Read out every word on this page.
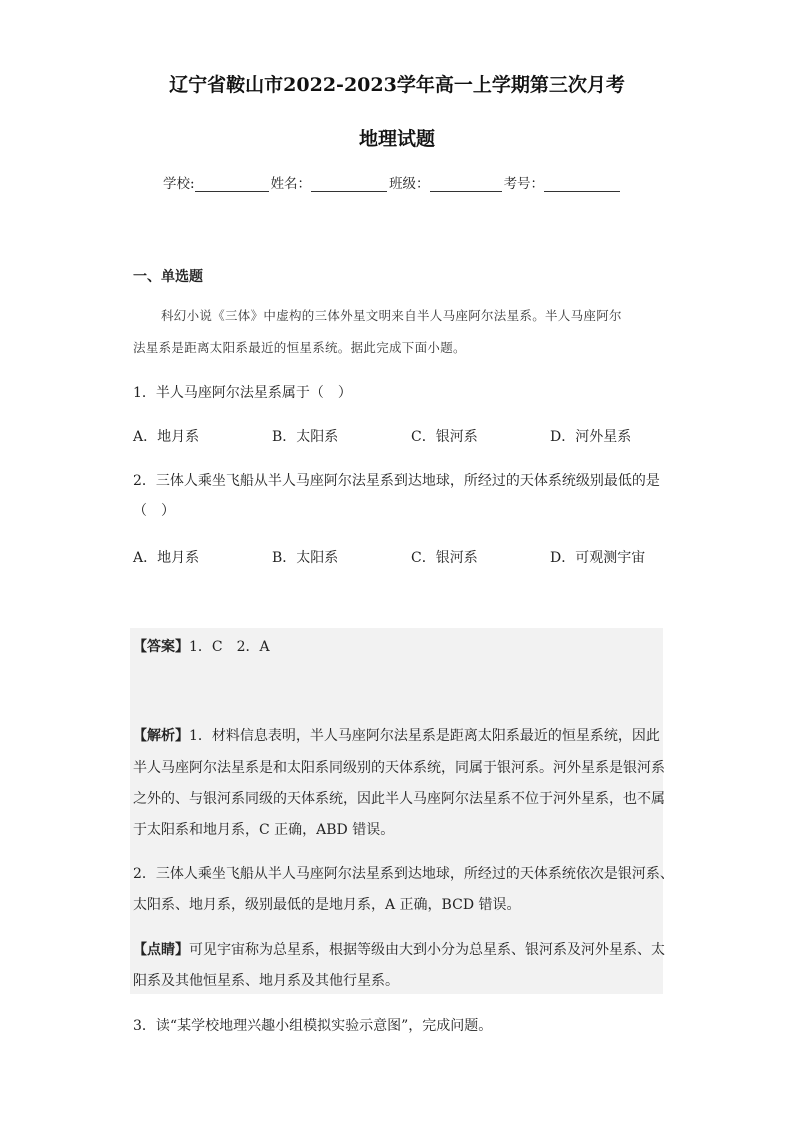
辽宁省鞍山市2022-2023学年高一上学期第三次月考
地理试题
学校:	姓名：	班级：	考号：
一、单选题
科幻小说《三体》中虚构的三体外星文明来自半人马座阿尔法星系。半人马座阿尔
法星系是距离太阳系最近的恒星系统。据此完成下面小题。
1．半人马座阿尔法星系属于（　）
A．地月系	B．太阳系	C．银河系	D．河外星系
2．三体人乘坐飞船从半人马座阿尔法星系到达地球，所经过的天体系统级别最低的是
（　）
A．地月系	B．太阳系	C．银河系	D．可观测宇宙
【答案】1．C　2．A
【解析】1．材料信息表明，半人马座阿尔法星系是距离太阳系最近的恒星系统，因此
半人马座阿尔法星系是和太阳系同级别的天体系统，同属于银河系。河外星系是银河系
之外的、与银河系同级的天体系统，因此半人马座阿尔法星系不位于河外星系，也不属
于太阳系和地月系，C 正确，ABD 错误。
2．三体人乘坐飞船从半人马座阿尔法星系到达地球，所经过的天体系统依次是银河系、
太阳系、地月系，级别最低的是地月系，A 正确，BCD 错误。
【点睛】可见宇宙称为总星系，根据等级由大到小分为总星系、银河系及河外星系、太
阳系及其他恒星系、地月系及其他行星系。
3．读“某学校地理兴趣小组模拟实验示意图”，完成问题。
